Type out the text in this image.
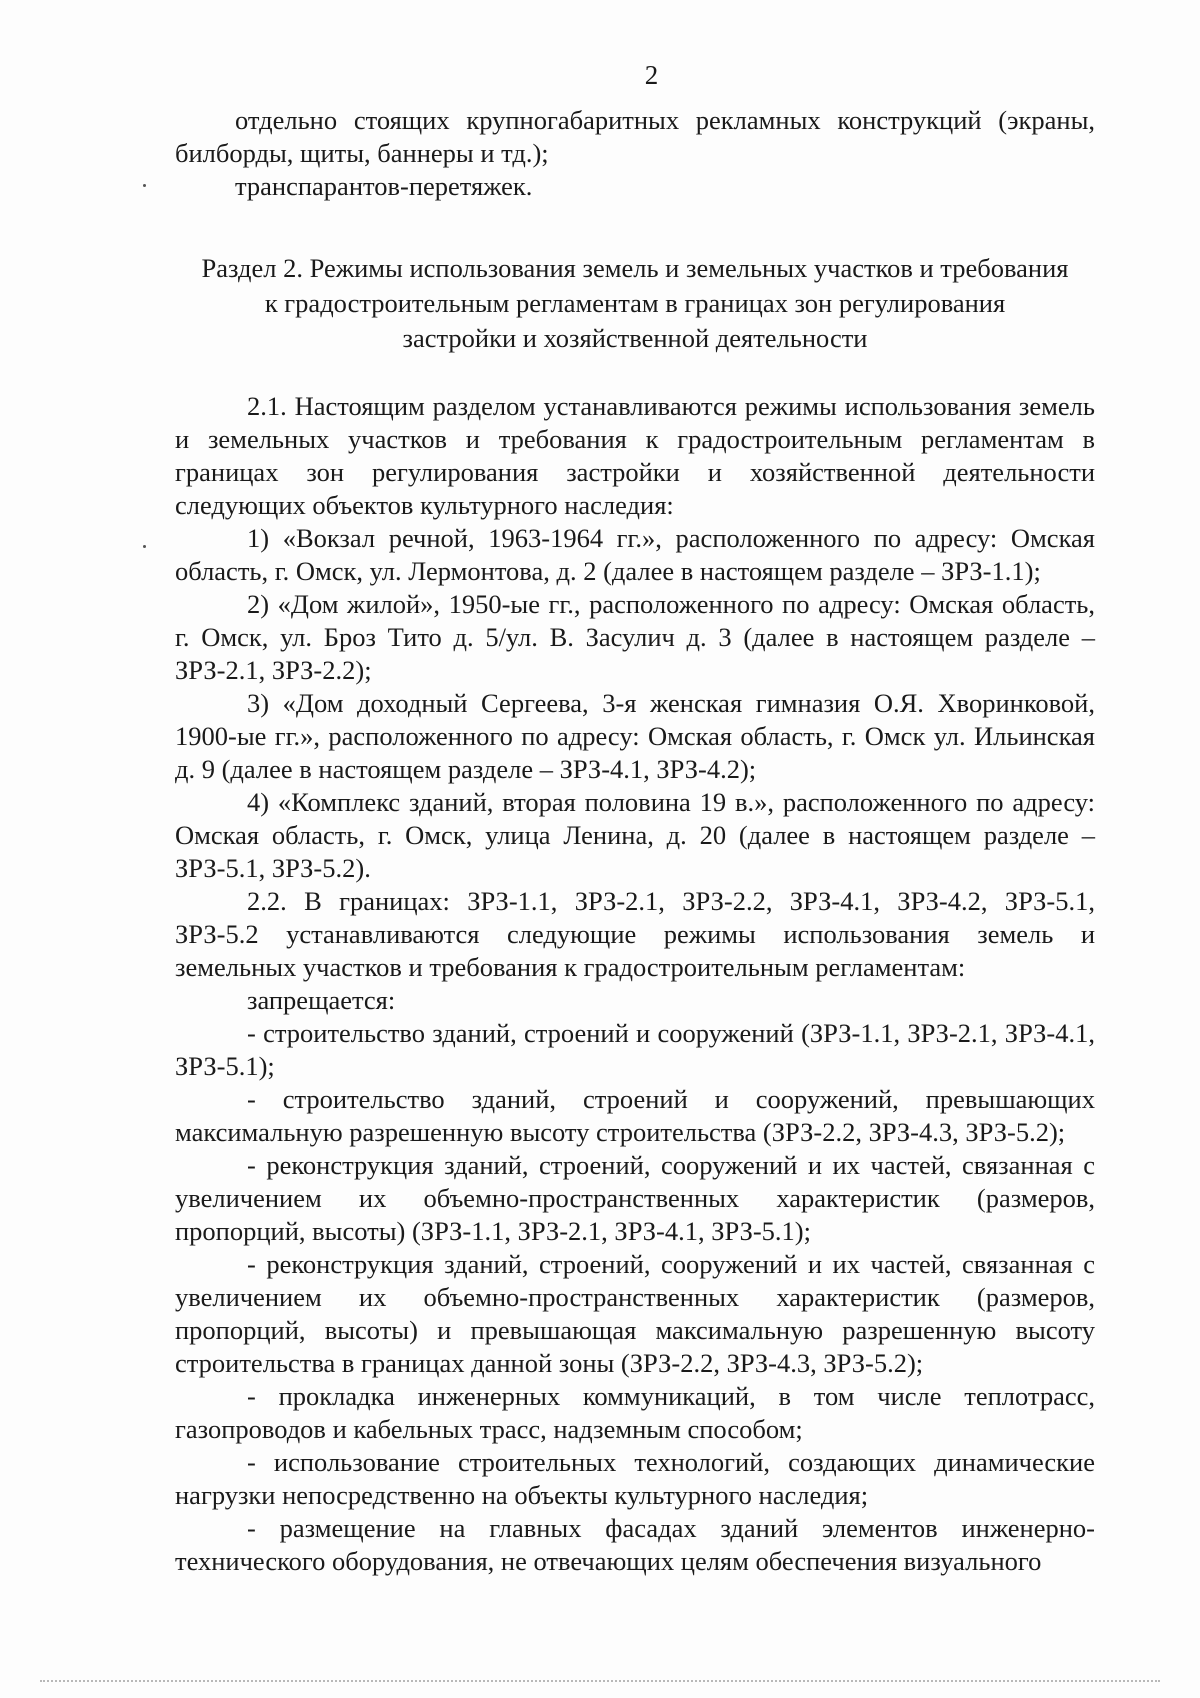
2

отдельно стоящих крупногабаритных рекламных конструкций (экраны, билборды, щиты, баннеры и тд.);

транспарантов-перетяжек.

Раздел 2. Режимы использования земель и земельных участков и требования
к градостроительным регламентам в границах зон регулирования
застройки и хозяйственной деятельности

2.1. Настоящим разделом устанавливаются режимы использования земель и земельных участков и требования к градостроительным регламентам в границах зон регулирования застройки и хозяйственной деятельности следующих объектов культурного наследия:

1) «Вокзал речной, 1963-1964 гг.», расположенного по адресу: Омская область, г. Омск, ул. Лермонтова, д. 2 (далее в настоящем разделе – ЗРЗ-1.1);

2) «Дом жилой», 1950-ые гг., расположенного по адресу: Омская область, г. Омск, ул. Броз Тито д. 5/ул. В. Засулич д. 3 (далее в настоящем разделе – ЗРЗ-2.1, ЗРЗ-2.2);

3) «Дом доходный Сергеева, 3-я женская гимназия О.Я. Хворинковой, 1900-ые гг.», расположенного по адресу: Омская область, г. Омск ул. Ильинская д. 9 (далее в настоящем разделе – ЗРЗ-4.1, ЗРЗ-4.2);

4) «Комплекс зданий, вторая половина 19 в.», расположенного по адресу: Омская область, г. Омск, улица Ленина, д. 20 (далее в настоящем разделе – ЗРЗ-5.1, ЗРЗ-5.2).

2.2. В границах: ЗРЗ-1.1, ЗРЗ-2.1, ЗРЗ-2.2, ЗРЗ-4.1, ЗРЗ-4.2, ЗРЗ-5.1, ЗРЗ-5.2 устанавливаются следующие режимы использования земель и земельных участков и требования к градостроительным регламентам:

запрещается:

- строительство зданий, строений и сооружений (ЗРЗ-1.1, ЗРЗ-2.1, ЗРЗ-4.1, ЗРЗ-5.1);

- строительство зданий, строений и сооружений, превышающих максимальную разрешенную высоту строительства (ЗРЗ-2.2, ЗРЗ-4.3, ЗРЗ-5.2);

- реконструкция зданий, строений, сооружений и их частей, связанная с увеличением их объемно-пространственных характеристик (размеров, пропорций, высоты) (ЗРЗ-1.1, ЗРЗ-2.1, ЗРЗ-4.1, ЗРЗ-5.1);

- реконструкция зданий, строений, сооружений и их частей, связанная с увеличением их объемно-пространственных характеристик (размеров, пропорций, высоты) и превышающая максимальную разрешенную высоту строительства в границах данной зоны (ЗРЗ-2.2, ЗРЗ-4.3, ЗРЗ-5.2);

- прокладка инженерных коммуникаций, в том числе теплотрасс, газопроводов и кабельных трасс, надземным способом;

- использование строительных технологий, создающих динамические нагрузки непосредственно на объекты культурного наследия;

- размещение на главных фасадах зданий элементов инженерно-технического оборудования, не отвечающих целям обеспечения визуального
